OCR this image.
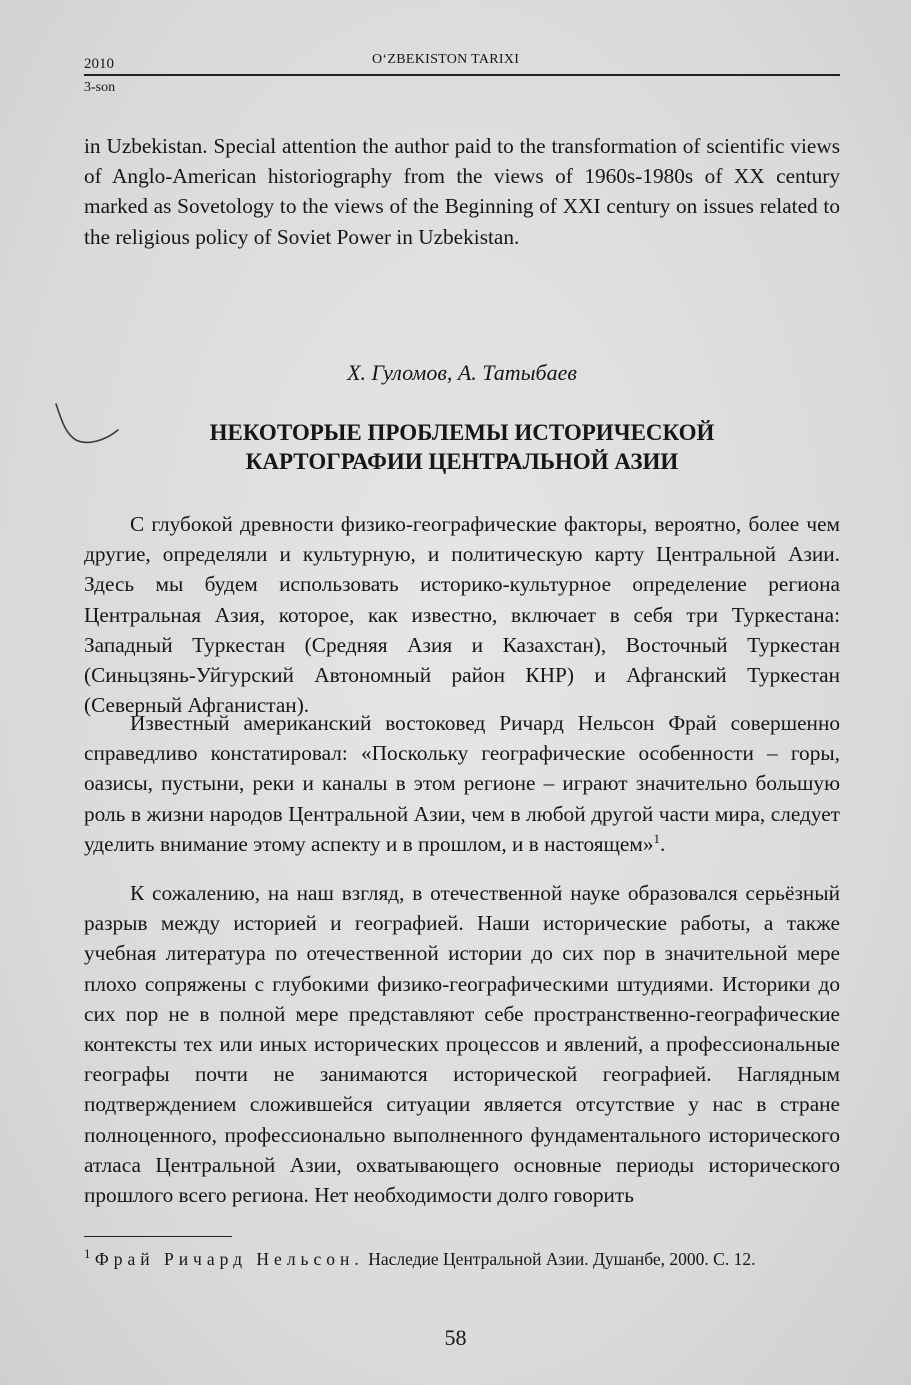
2010	O‘ZBEKISTON TARIXI
3-son

in Uzbekistan. Special attention the author paid to the transformation of scientific views of Anglo-American historiography from the views of 1960s-1980s of XX century marked as Sovetology to the views of the Beginning of XXI century on issues related to the religious policy of Soviet Power in Uzbekistan.

Х. Гуломов, А. Татыбаев

НЕКОТОРЫЕ ПРОБЛЕМЫ ИСТОРИЧЕСКОЙ
КАРТОГРАФИИ ЦЕНТРАЛЬНОЙ АЗИИ

С глубокой древности физико-географические факторы, вероятно, более чем другие, определяли и культурную, и политическую карту Центральной Азии. Здесь мы будем использовать историко-культурное определение региона Центральная Азия, которое, как известно, включает в себя три Туркестана: Западный Туркестан (Средняя Азия и Казахстан), Восточный Туркестан (Синьцзянь-Уйгурский Автономный район КНР) и Афганский Туркестан (Северный Афганистан).

Известный американский востоковед Ричард Нельсон Фрай совершенно справедливо констатировал: «Поскольку географические особенности – горы, оазисы, пустыни, реки и каналы в этом регионе – играют значительно большую роль в жизни народов Центральной Азии, чем в любой другой части мира, следует уделить внимание этому аспекту и в прошлом, и в настоящем»$^1$.

К сожалению, на наш взгляд, в отечественной науке образовался серьёзный разрыв между историей и географией. Наши исторические работы, а также учебная литература по отечественной истории до сих пор в значительной мере плохо сопряжены с глубокими физико-географическими штудиями. Историки до сих пор не в полной мере представляют себе пространственно-географические контексты тех или иных исторических процессов и явлений, а профессиональные географы почти не занимаются исторической географией. Наглядным подтверждением сложившейся ситуации является отсутствие у нас в стране полноценного, профессионально выполненного фундаментального исторического атласа Центральной Азии, охватывающего основные периоды исторического прошлого всего региона. Нет необходимости долго говорить

$^1$ Фрай Ричард Нельсон. Наследие Центральной Азии. Душанбе, 2000. С. 12.

58
